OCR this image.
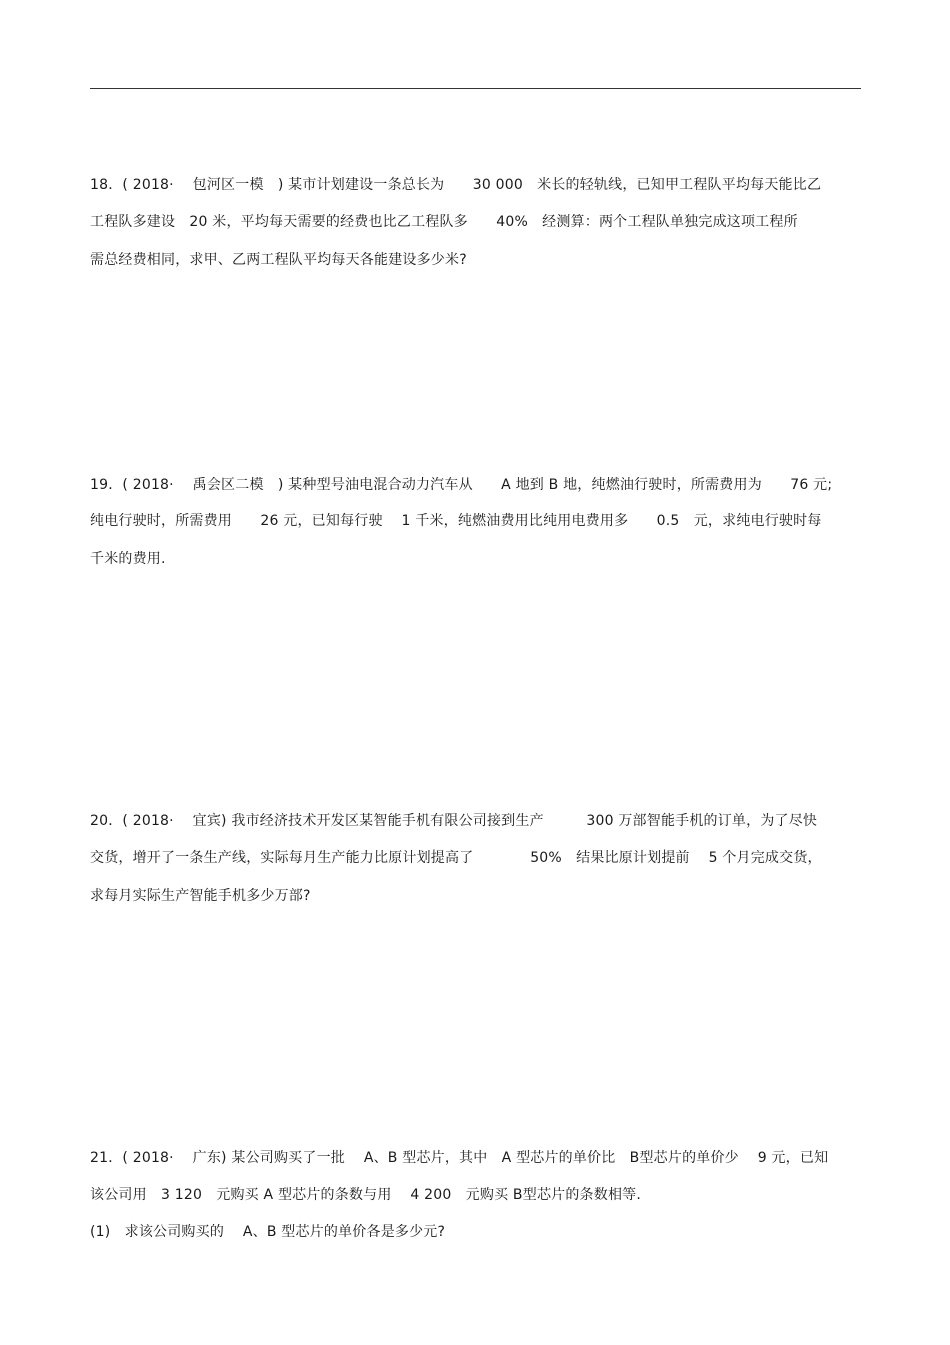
18．( 2018· 　包河区一模　) 某市计划建设一条总长为　　30 000　米长的轻轨线，已知甲工程队平均每天能比乙
工程队多建设　20 米，平均每天需要的经费也比乙工程队多　　40%　经测算：两个工程队单独完成这项工程所
需总经费相同，求甲、乙两工程队平均每天各能建设多少米?
19．( 2018· 　禹会区二模　) 某种型号油电混合动力汽车从　　A 地到 B 地，纯燃油行驶时，所需费用为　　76 元;
纯电行驶时，所需费用　　26 元，已知每行驶　 1 千米，纯燃油费用比纯用电费用多　　0.5　元，求纯电行驶时每
千米的费用.
20．( 2018· 　宜宾) 我市经济技术开发区某智能手机有限公司接到生产　　　300 万部智能手机的订单，为了尽快
交货，增开了一条生产线，实际每月生产能力比原计划提高了　　　　50%　结果比原计划提前　 5 个月完成交货，
求每月实际生产智能手机多少万部?
21．( 2018· 　广东) 某公司购买了一批　 A、B 型芯片，其中　A 型芯片的单价比　B型芯片的单价少　 9 元，已知
该公司用　3 120　元购买 A 型芯片的条数与用　 4 200　元购买 B型芯片的条数相等.
(1)　求该公司购买的　 A、B 型芯片的单价各是多少元?
